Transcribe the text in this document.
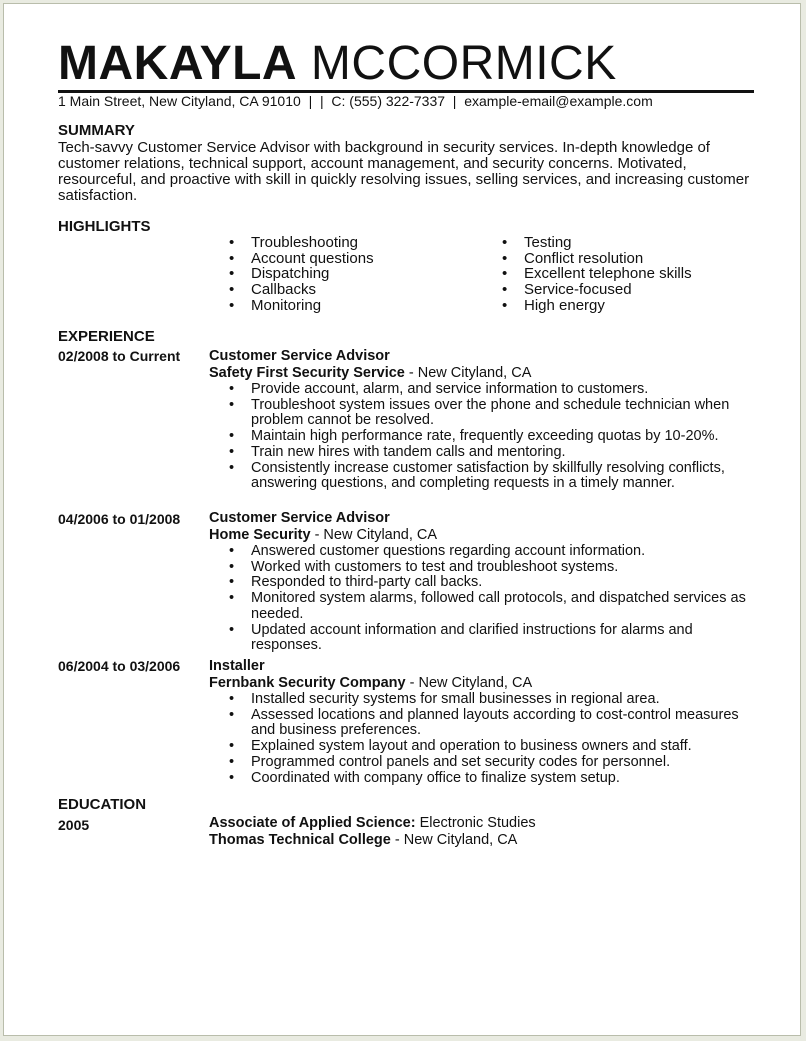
MAKAYLA MCCORMICK
1 Main Street, New Cityland, CA 91010  |  |  C: (555) 322-7337  |  example-email@example.com
SUMMARY
Tech-savvy Customer Service Advisor with background in security services. In-depth knowledge of customer relations, technical support, account management, and security concerns. Motivated, resourceful, and proactive with skill in quickly resolving issues, selling services, and increasing customer satisfaction.
HIGHLIGHTS
• Troubleshooting
• Account questions
• Dispatching
• Callbacks
• Monitoring
• Testing
• Conflict resolution
• Excellent telephone skills
• Service-focused
• High energy
EXPERIENCE
02/2008 to Current Customer Service Advisor
Safety First Security Service - New Cityland, CA
• Provide account, alarm, and service information to customers.
• Troubleshoot system issues over the phone and schedule technician when problem cannot be resolved.
• Maintain high performance rate, frequently exceeding quotas by 10-20%.
• Train new hires with tandem calls and mentoring.
• Consistently increase customer satisfaction by skillfully resolving conflicts, answering questions, and completing requests in a timely manner.
04/2006 to 01/2008 Customer Service Advisor
Home Security - New Cityland, CA
• Answered customer questions regarding account information.
• Worked with customers to test and troubleshoot systems.
• Responded to third-party call backs.
• Monitored system alarms, followed call protocols, and dispatched services as needed.
• Updated account information and clarified instructions for alarms and responses.
06/2004 to 03/2006 Installer
Fernbank Security Company - New Cityland, CA
• Installed security systems for small businesses in regional area.
• Assessed locations and planned layouts according to cost-control measures and business preferences.
• Explained system layout and operation to business owners and staff.
• Programmed control panels and set security codes for personnel.
• Coordinated with company office to finalize system setup.
EDUCATION
2005	Associate of Applied Science: Electronic Studies
Thomas Technical College - New Cityland, CA
